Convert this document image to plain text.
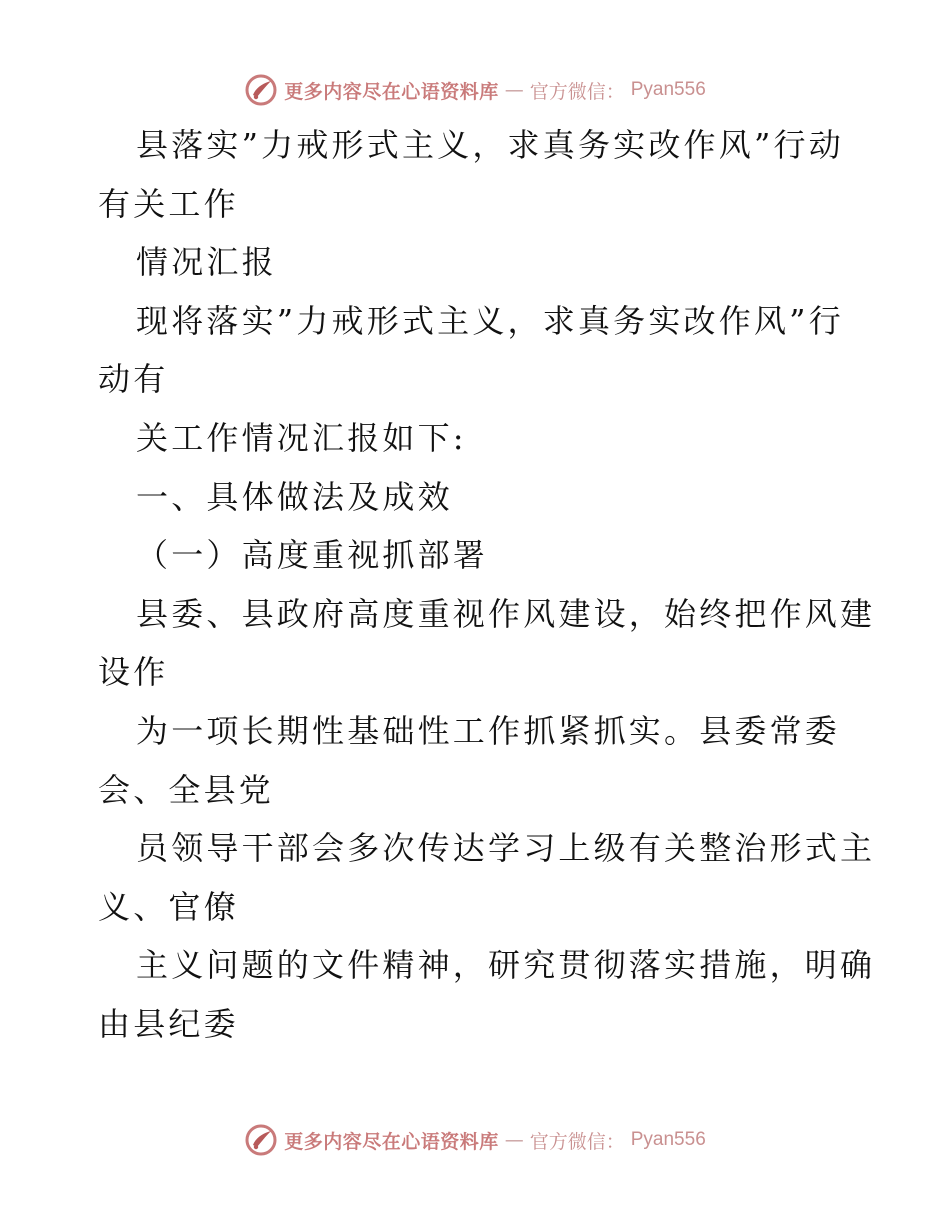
更多内容尽在心语资料库 — 官方微信： Pyan556
县落实”力戒形式主义，求真务实改作风”行动
有关工作
情况汇报
现将落实”力戒形式主义，求真务实改作风”行
动有
关工作情况汇报如下:
一、具体做法及成效
（一）高度重视抓部署
县委、县政府高度重视作风建设，始终把作风建
设作
为一项长期性基础性工作抓紧抓实。县委常委
会、全县党
员领导干部会多次传达学习上级有关整治形式主
义、官僚
主义问题的文件精神，研究贯彻落实措施，明确
由县纪委
更多内容尽在心语资料库 — 官方微信： Pyan556
